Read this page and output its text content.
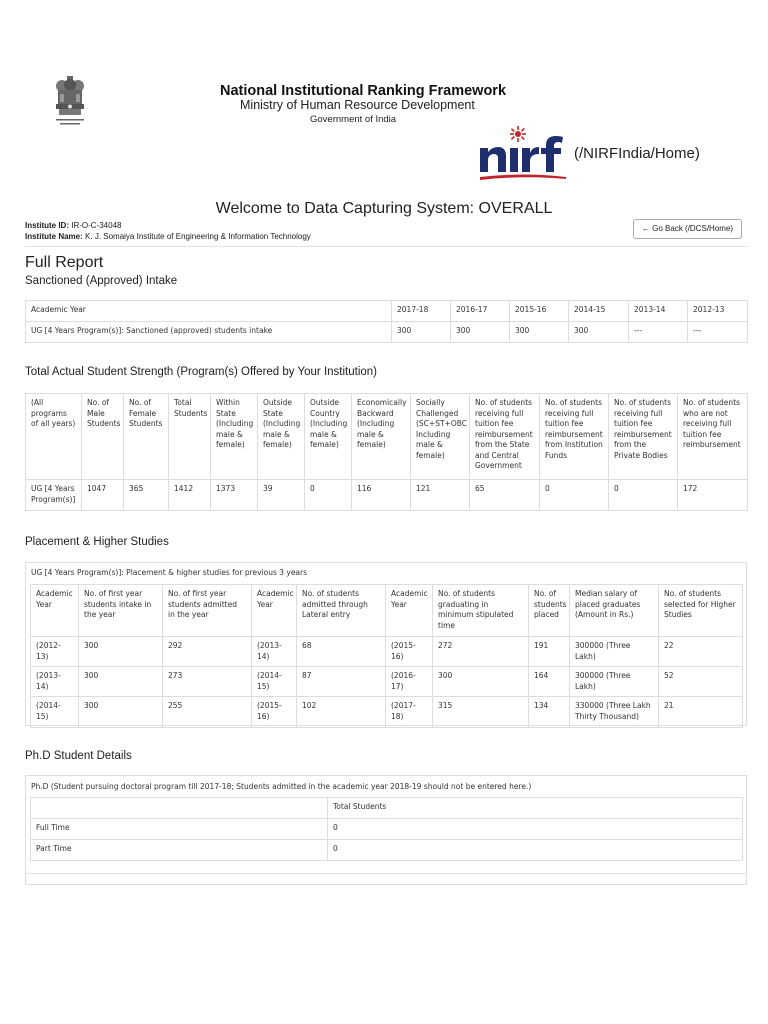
National Institutional Ranking Framework
Ministry of Human Resource Development
Government of India
(/NIRFIndia/Home)
Welcome to Data Capturing System: OVERALL
Institute ID: IR-O-C-34048
Institute Name: K. J. Somaiya Institute of Engineering & Information Technology
← Go Back (/DCS/Home)
Full Report
Sanctioned (Approved) Intake
Academic Year	2017-18	2016-17	2015-16	2014-15	2013-14	2012-13
UG [4 Years Program(s)]: Sanctioned (approved) students intake	300	300	300	300	---	---
Total Actual Student Strength (Program(s) Offered by Your Institution)
(All programs of all years)	No. of Male Students	No. of Female Students	Total Students	Within State (Including male & female)	Outside State (Including male & female)	Outside Country (Including male & female)	Economically Backward (Including male & female)	Socially Challenged (SC+ST+OBC Including male & female)	No. of students receiving full tuition fee reimbursement from the State and Central Government	No. of students receiving full tuition fee reimbursement from Institution Funds	No. of students receiving full tuition fee reimbursement from the Private Bodies	No. of students who are not receiving full tuition fee reimbursement
UG [4 Years Program(s)]	1047	365	1412	1373	39	0	116	121	65	0	0	172
Placement & Higher Studies
UG [4 Years Program(s)]: Placement & higher studies for previous 3 years
Academic Year	No. of first year students intake in the year	No. of first year students admitted in the year	Academic Year	No. of students admitted through Lateral entry	Academic Year	No. of students graduating in minimum stipulated time	No. of students placed	Median salary of placed graduates (Amount in Rs.)	No. of students selected for Higher Studies
(2012-13)	300	292	(2013-14)	68	(2015-16)	272	191	300000 (Three Lakh)	22
(2013-14)	300	273	(2014-15)	87	(2016-17)	300	164	300000 (Three Lakh)	52
(2014-15)	300	255	(2015-16)	102	(2017-18)	315	134	330000 (Three Lakh Thirty Thousand)	21
Ph.D Student Details
Ph.D (Student pursuing doctoral program till 2017-18; Students admitted in the academic year 2018-19 should not be entered here.)
	Total Students
Full Time	0
Part Time	0
